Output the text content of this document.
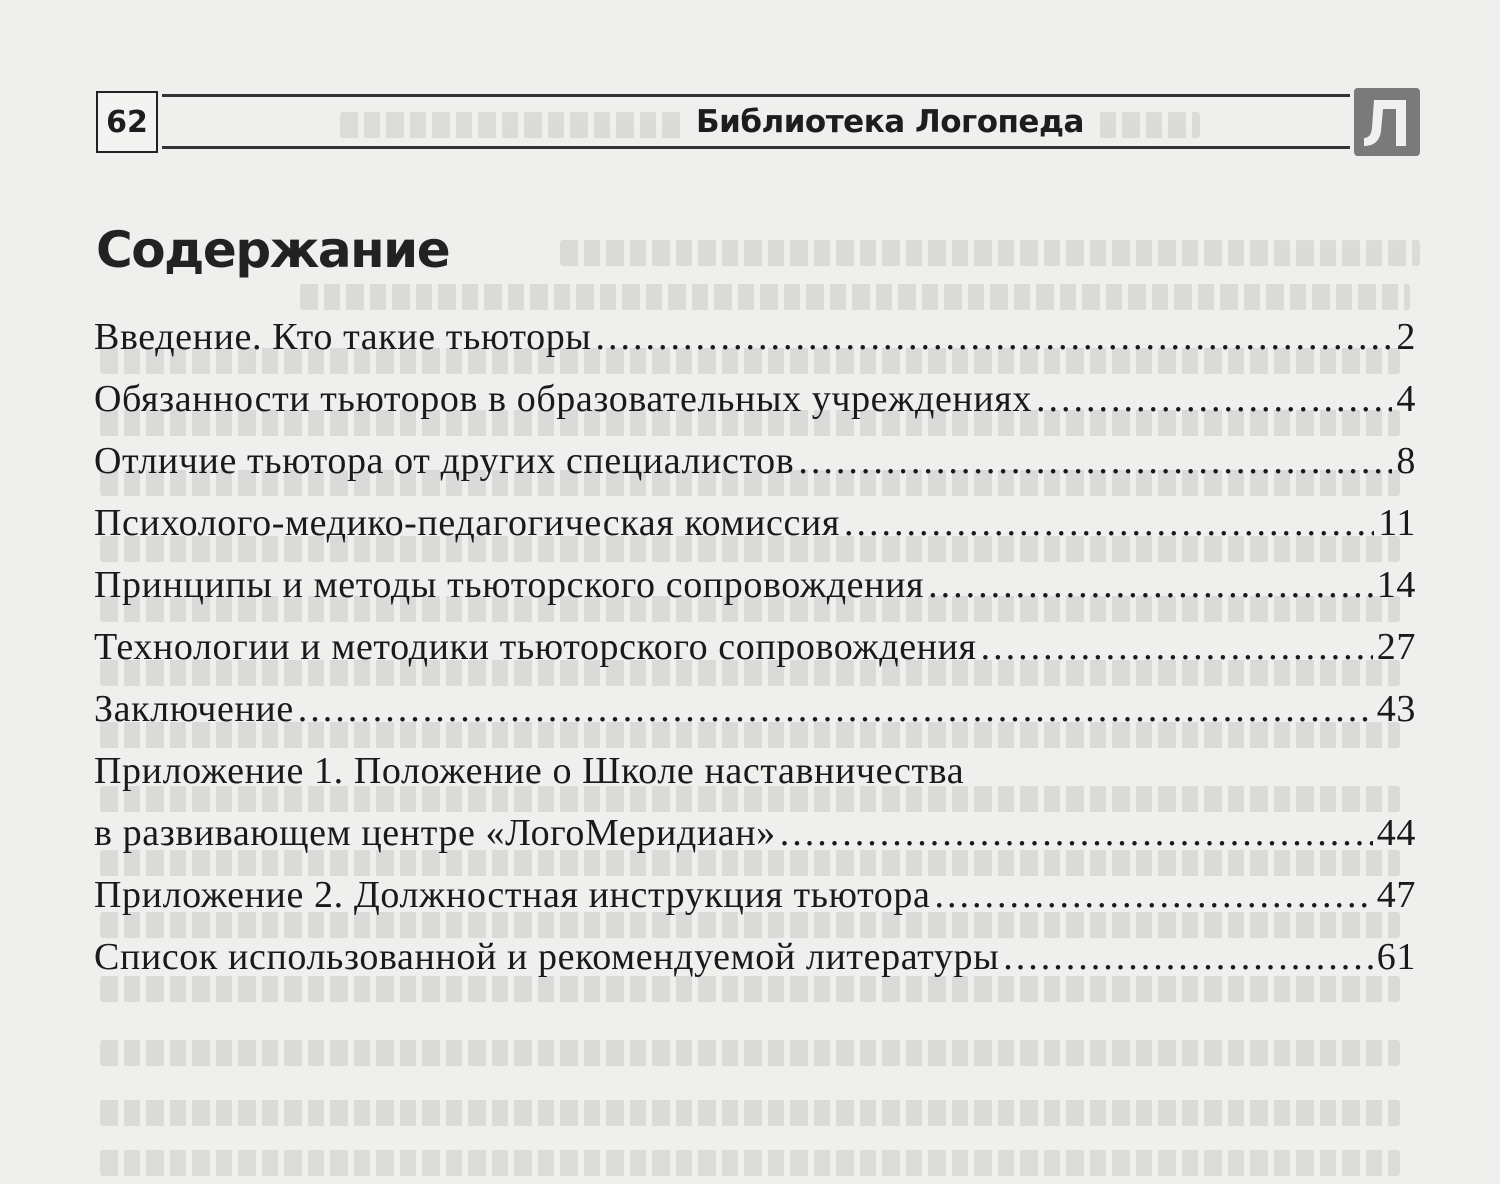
62	Библиотека Логопеда
Содержание
Введение. Кто такие тьюторы .....	2
Обязанности тьюторов в образовательных учреждениях .....	4
Отличие тьютора от других специалистов .....	8
Психолого-медико-педагогическая комиссия .....	11
Принципы и методы тьюторского сопровождения .....	14
Технологии и методики тьюторского сопровождения .....	27
Заключение .....	43
Приложение 1. Положение о Школе наставничества
в развивающем центре «ЛогоМеридиан» .....	44
Приложение 2. Должностная инструкция тьютора .....	47
Список использованной и рекомендуемой литературы .....	61
